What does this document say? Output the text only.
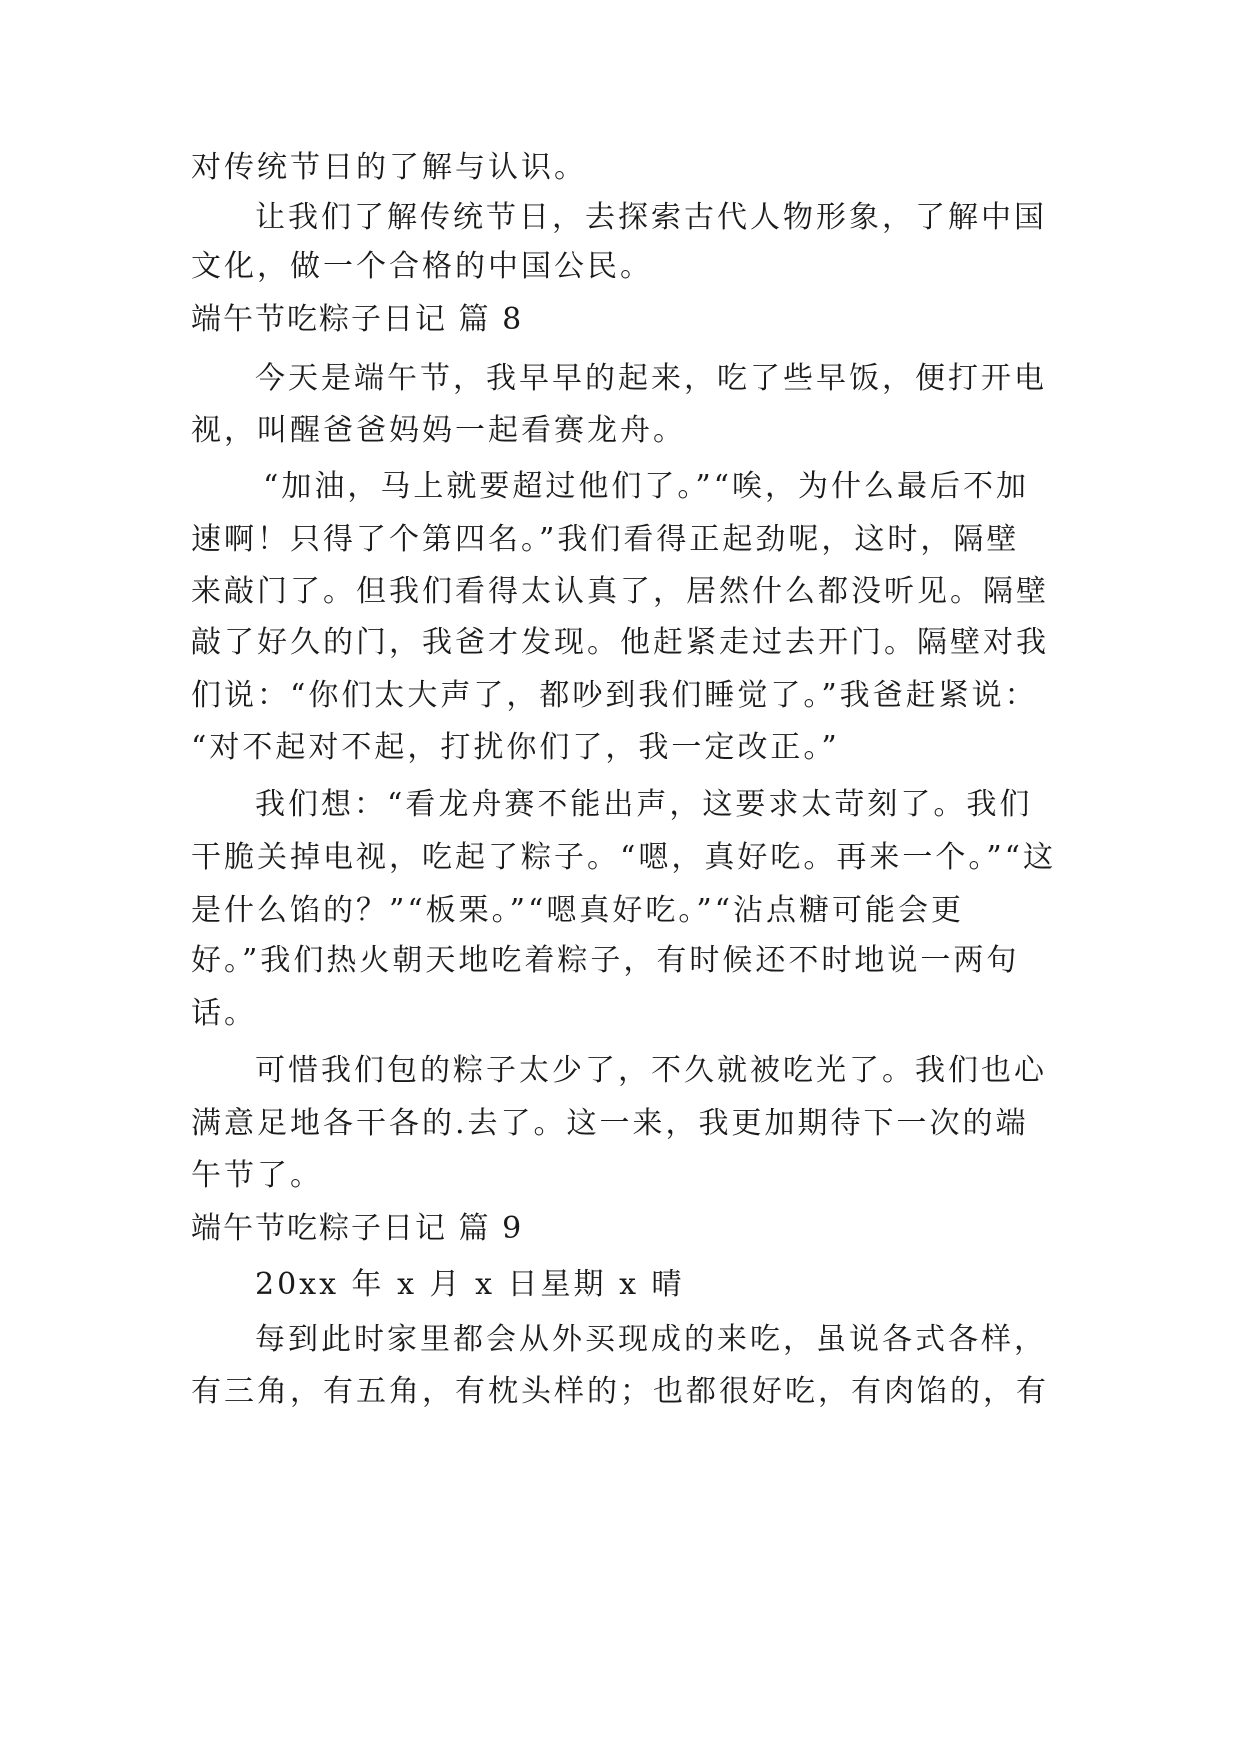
对传统节日的了解与认识。
让我们了解传统节日，去探索古代人物形象，了解中国
文化，做一个合格的中国公民。
端午节吃粽子日记 篇 8
今天是端午节，我早早的起来，吃了些早饭，便打开电
视，叫醒爸爸妈妈一起看赛龙舟。
“加油，马上就要超过他们了。”“唉，为什么最后不加
速啊！只得了个第四名。”我们看得正起劲呢，这时，隔壁
来敲门了。但我们看得太认真了，居然什么都没听见。隔壁
敲了好久的门，我爸才发现。他赶紧走过去开门。隔壁对我
们说：“你们太大声了，都吵到我们睡觉了。”我爸赶紧说：
“对不起对不起，打扰你们了，我一定改正。”
我们想：“看龙舟赛不能出声，这要求太苛刻了。我们
干脆关掉电视，吃起了粽子。“嗯，真好吃。再来一个。”“这
是什么馅的？”“板栗。”“嗯真好吃。”“沾点糖可能会更
好。”我们热火朝天地吃着粽子，有时候还不时地说一两句
话。
可惜我们包的粽子太少了，不久就被吃光了。我们也心
满意足地各干各的.去了。这一来，我更加期待下一次的端
午节了。
端午节吃粽子日记 篇 9
20xx 年 x 月 x 日星期 x 晴
每到此时家里都会从外买现成的来吃，虽说各式各样，
有三角，有五角，有枕头样的；也都很好吃，有肉馅的，有
